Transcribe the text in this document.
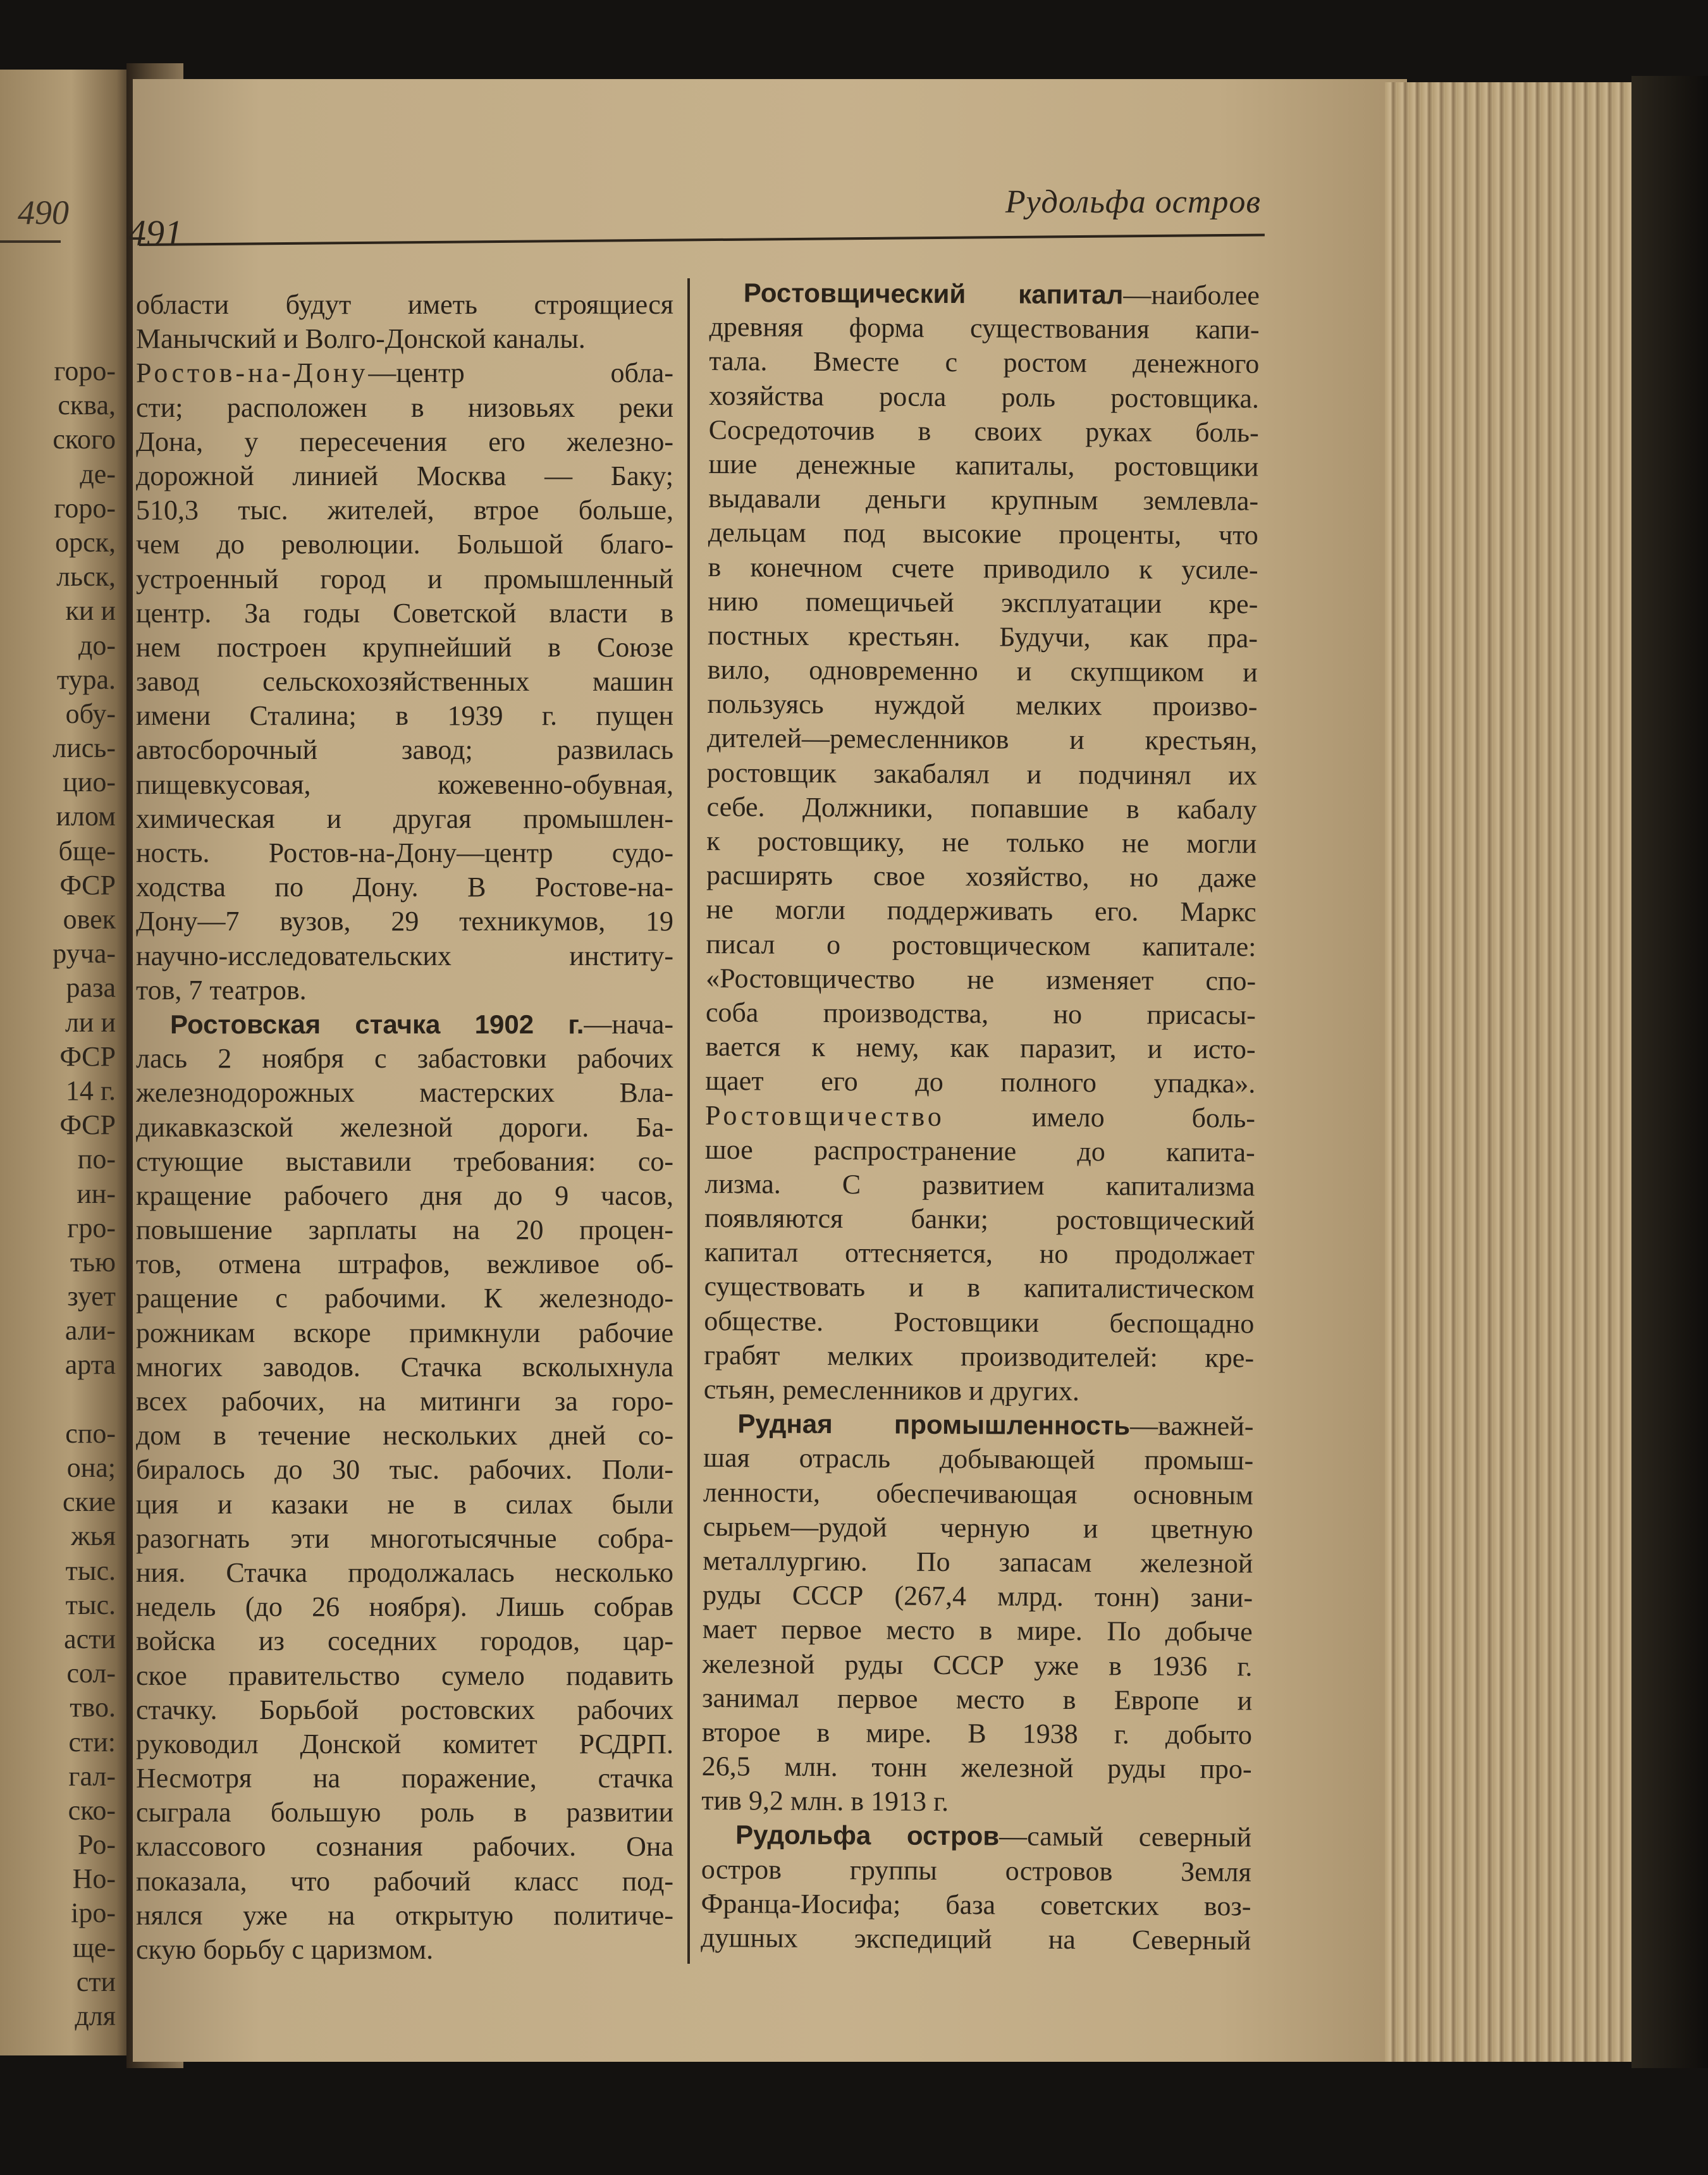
490
горо-
сква,
ского
де-
горо-
орск,
льск,
ки и
до-
тура.
обу-
лись-
цио-
илом
бще-
ФСР
овек
руча-
раза
ли и
ФСР
14 г.
ФСР
по-
ин-
гро-
тью
зует
али-
арта
спо-
она;
ские
жья
тыс.
тыс.
асти
сол-
тво.
сти:
гал-
ско-
Ро-
Но-
іро-
ще-
сти
для
491
Рудольфа остров
области будут иметь строящиеся
Манычский и Волго-Донской каналы.
Ростов-на-Дону—центр обла-
сти; расположен в низовьях реки
Дона, у пересечения его железно-
дорожной линией Москва — Баку;
510,3 тыс. жителей, втрое больше,
чем до революции. Большой благо-
устроенный город и промышленный
центр. За годы Советской власти в
нем построен крупнейший в Союзе
завод сельскохозяйственных машин
имени Сталина; в 1939 г. пущен
автосборочный завод; развилась
пищевкусовая, кожевенно-обувная,
химическая и другая промышлен-
ность. Ростов-на-Дону—центр судо-
ходства по Дону. В Ростове-на-
Дону—7 вузов, 29 техникумов, 19
научно-исследовательских институ-
тов, 7 театров.
Ростовская стачка 1902 г.—нача-
лась 2 ноября с забастовки рабочих
железнодорожных мастерских Вла-
дикавказской железной дороги. Ба-
стующие выставили требования: со-
кращение рабочего дня до 9 часов,
повышение зарплаты на 20 процен-
тов, отмена штрафов, вежливое об-
ращение с рабочими. К железнодо-
рожникам вскоре примкнули рабочие
многих заводов. Стачка всколыхнула
всех рабочих, на митинги за горо-
дом в течение нескольких дней со-
биралось до 30 тыс. рабочих. Поли-
ция и казаки не в силах были
разогнать эти многотысячные собра-
ния. Стачка продолжалась несколько
недель (до 26 ноября). Лишь собрав
войска из соседних городов, цар-
ское правительство сумело подавить
стачку. Борьбой ростовских рабочих
руководил Донской комитет РСДРП.
Несмотря на поражение, стачка
сыграла большую роль в развитии
классового сознания рабочих. Она
показала, что рабочий класс под-
нялся уже на открытую политиче-
скую борьбу с царизмом.
Ростовщический капитал—наиболее
древняя форма существования капи-
тала. Вместе с ростом денежного
хозяйства росла роль ростовщика.
Сосредоточив в своих руках боль-
шие денежные капиталы, ростовщики
выдавали деньги крупным землевла-
дельцам под высокие проценты, что
в конечном счете приводило к усиле-
нию помещичьей эксплуатации кре-
постных крестьян. Будучи, как пра-
вило, одновременно и скупщиком и
пользуясь нуждой мелких произво-
дителей—ремесленников и крестьян,
ростовщик закабалял и подчинял их
себе. Должники, попавшие в кабалу
к ростовщику, не только не могли
расширять свое хозяйство, но даже
не могли поддерживать его. Маркс
писал о ростовщическом капитале:
«Ростовщичество не изменяет спо-
соба производства, но присасы-
вается к нему, как паразит, и исто-
щает его до полного упадка».
Ростовщичество имело боль-
шое распространение до капита-
лизма. С развитием капитализма
появляются банки; ростовщический
капитал оттесняется, но продолжает
существовать и в капиталистическом
обществе. Ростовщики беспощадно
грабят мелких производителей: кре-
стьян, ремесленников и других.
Рудная промышленность—важней-
шая отрасль добывающей промыш-
ленности, обеспечивающая основным
сырьем—рудой черную и цветную
металлургию. По запасам железной
руды СССР (267,4 млрд. тонн) зани-
мает первое место в мире. По добыче
железной руды СССР уже в 1936 г.
занимал первое место в Европе и
второе в мире. В 1938 г. добыто
26,5 млн. тонн железной руды про-
тив 9,2 млн. в 1913 г.
Рудольфа остров—самый северный
остров группы островов Земля
Франца-Иосифа; база советских воз-
душных экспедиций на Северный
